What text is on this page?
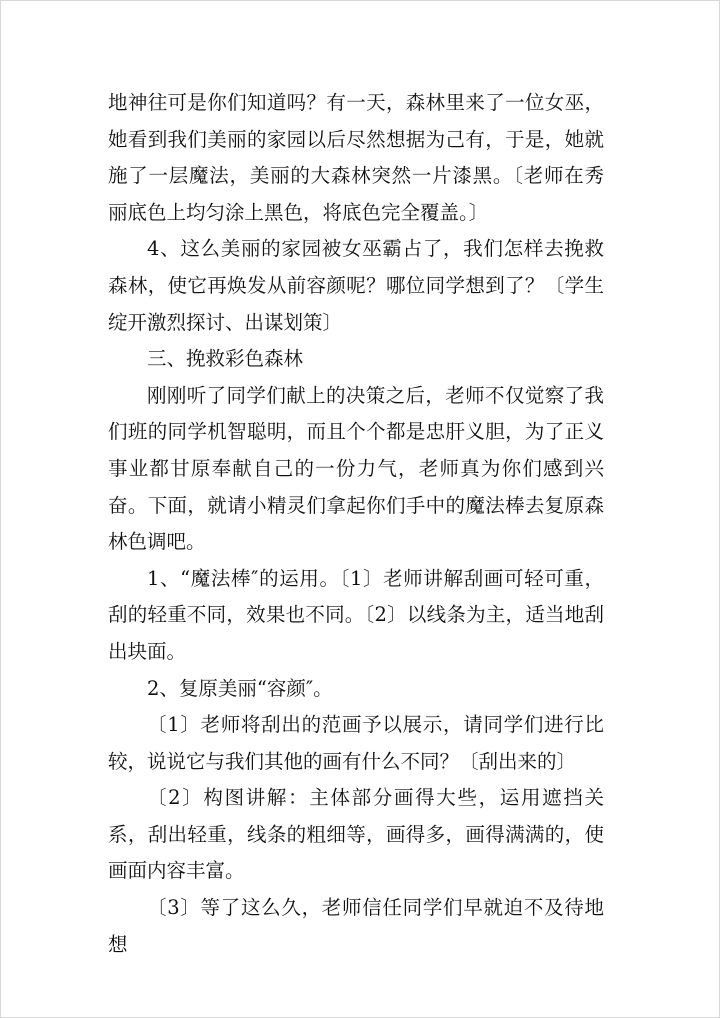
地神往可是你们知道吗？有一天，森林里来了一位女巫，她看到我们美丽的家园以后尽然想据为己有，于是，她就施了一层魔法，美丽的大森林突然一片漆黑。〔老师在秀丽底色上均匀涂上黑色，将底色完全覆盖。〕

4、这么美丽的家园被女巫霸占了，我们怎样去挽救森林，使它再焕发从前容颜呢？哪位同学想到了？〔学生绽开激烈探讨、出谋划策〕

三、挽救彩色森林

刚刚听了同学们献上的决策之后，老师不仅觉察了我们班的同学机智聪明，而且个个都是忠肝义胆，为了正义事业都甘原奉献自己的一份力气，老师真为你们感到兴奋。下面，就请小精灵们拿起你们手中的魔法棒去复原森林色调吧。

1、“魔法棒″的运用。〔1〕老师讲解刮画可轻可重，刮的轻重不同，效果也不同。〔2〕以线条为主，适当地刮出块面。

2、复原美丽“容颜″。

〔1〕老师将刮出的范画予以展示，请同学们进行比较，说说它与我们其他的画有什么不同？〔刮出来的〕

〔2〕构图讲解：主体部分画得大些，运用遮挡关系，刮出轻重，线条的粗细等，画得多，画得满满的，使画面内容丰富。

〔3〕等了这么久，老师信任同学们早就迫不及待地想
